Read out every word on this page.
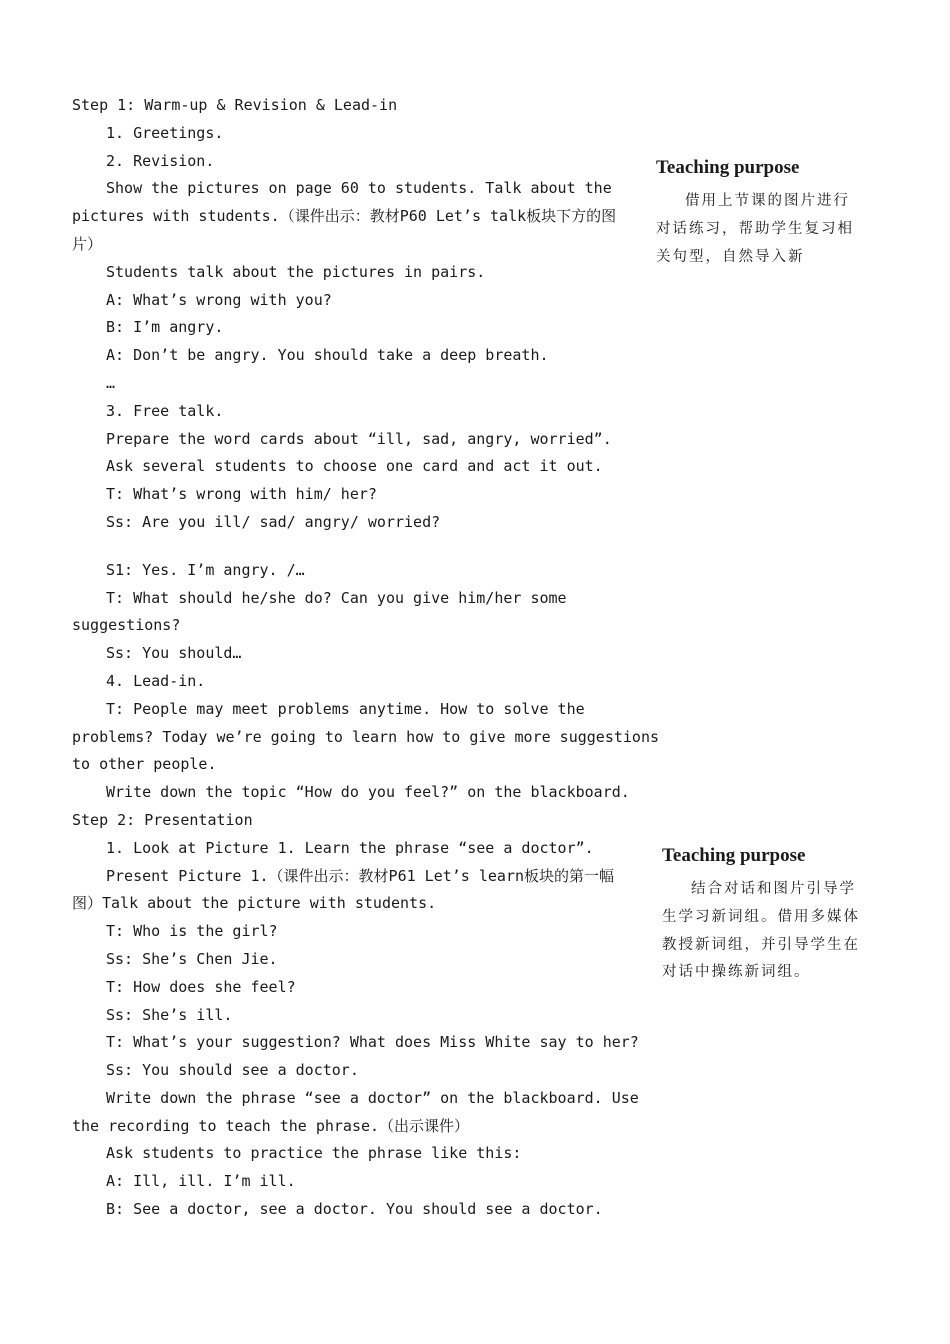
Step 1: Warm-up & Revision & Lead-in
1. Greetings.
2. Revision.
Show the pictures on page 60 to students. Talk about the
pictures with students.（课件出示：教材P60 Let’s talk板块下方的图
片）
Students talk about the pictures in pairs.
A: What’s wrong with you?
B: I’m angry.
A: Don’t be angry. You should take a deep breath.
…
3. Free talk.
Prepare the word cards about “ill, sad, angry, worried”.
Ask several students to choose one card and act it out.
T: What’s wrong with him/ her?
Ss: Are you ill/ sad/ angry/ worried?
S1: Yes. I’m angry. /…
T: What should he/she do? Can you give him/her some
suggestions?
Ss: You should…
4. Lead-in.
T: People may meet problems anytime. How to solve the
problems? Today we’re going to learn how to give more suggestions
to other people.
Write down the topic “How do you feel?” on the blackboard.
Step 2: Presentation
1. Look at Picture 1. Learn the phrase “see a doctor”.
Present Picture 1.（课件出示：教材P61 Let’s learn板块的第一幅
图）Talk about the picture with students.
T: Who is the girl?
Ss: She’s Chen Jie.
T: How does she feel?
Ss: She’s ill.
T: What’s your suggestion? What does Miss White say to her?
Ss: You should see a doctor.
Write down the phrase “see a doctor” on the blackboard. Use
the recording to teach the phrase.（出示课件）
Ask students to practice the phrase like this:
A: Ill, ill. I’m ill.
B: See a doctor, see a doctor. You should see a doctor.

Teaching purpose

借用上节课的图片进行对话练习，帮助学生复习相关句型，自然导入新

Teaching purpose

结合对话和图片引导学生学习新词组。借用多媒体教授新词组，并引导学生在对话中操练新词组。
